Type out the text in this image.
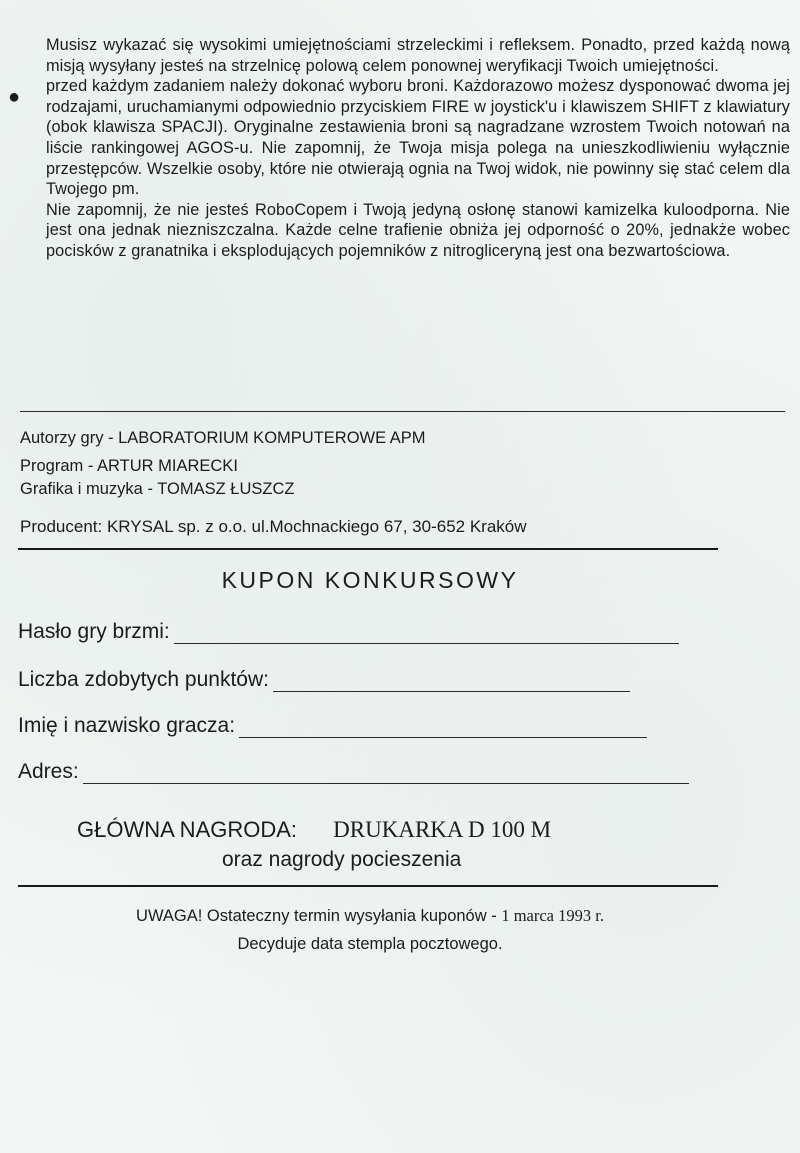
Musisz wykazać się wysokimi umiejętnościami strzeleckimi i refleksem. Ponadto, przed każdą nową misją wysyłany jesteś na strzelnicę polową celem ponownej weryfikacji Twoich umiejętności.

przed każdym zadaniem należy dokonać wyboru broni. Każdorazowo możesz dysponować dwoma jej rodzajami, uruchamianymi odpowiednio przyciskiem FIRE w joystick'u i klawiszem SHIFT z klawiatury (obok klawisza SPACJI). Oryginalne zestawienia broni są nagradzane wzrostem Twoich notowań na liście rankingowej AGOS-u. Nie zapomnij, że Twoja misja polega na unieszkodliwieniu wyłącznie przestępców. Wszelkie osoby, które nie otwierają ognia na Twoj widok, nie powinny się stać celem dla Twojego pm.

Nie zapomnij, że nie jesteś RoboCopem i Twoją jedyną osłonę stanowi kamizelka kuloodporna. Nie jest ona jednak niezniszczalna. Każde celne trafienie obniża jej odporność o 20%, jednakże wobec pocisków z granatnika i eksplodujących pojemników z nitrogliceryną jest ona bezwartościowa.

●
Autorzy gry - LABORATORIUM KOMPUTEROWE APM
Program - ARTUR MIARECKI
Grafika i muzyka - TOMASZ ŁUSZCZ
Producent: KRYSAL sp. z o.o. ul.Mochnackiego 67, 30-652 Kraków
KUPON KONKURSOWY
Hasło gry brzmi:
Liczba zdobytych punktów:
Imię i nazwisko gracza:
Adres:
GŁÓWNA NAGRODA: DRUKARKA D 100 M
oraz nagrody pocieszenia
UWAGA! Ostateczny termin wysyłania kuponów - 1 marca 1993 r.
Decyduje data stempla pocztowego.
